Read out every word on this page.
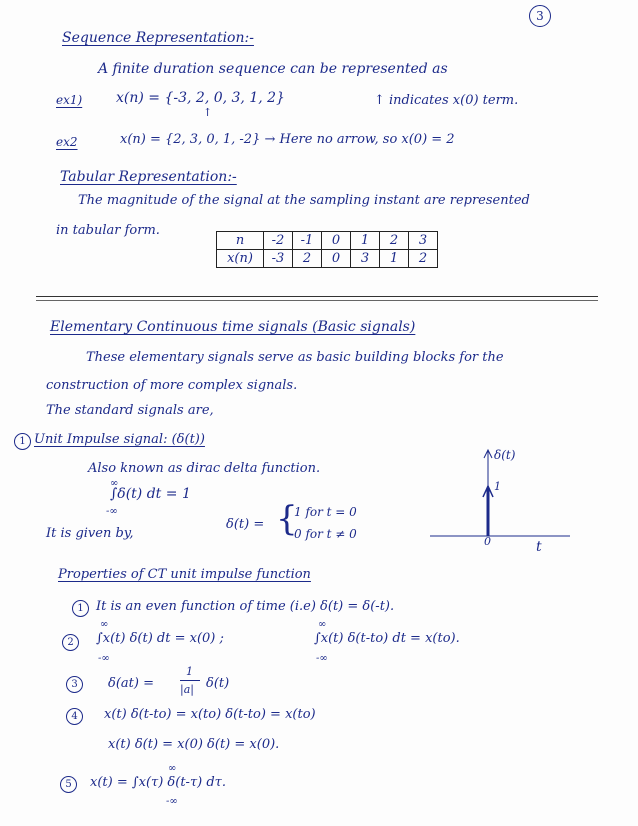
3
Sequence Representation:-
A finite duration sequence can be represented as
ex1) x(n) = {-3, 2, 0, 3, 1, 2}
↑
↑ indicates x(0) term.
ex2	x(n) = {2, 3, 0, 1, -2} → Here no arrow, so x(0) = 2
Tabular Representation:-
The magnitude of the signal at the sampling instant are represented
in tabular form.
n	-2	-1	0	1	2	3
x(n)	-3	2	0	3	1	2
Elementary Continuous time signals (Basic signals)
These elementary signals serve as basic building blocks for the
construction of more complex signals.
The standard signals are,
1 Unit Impulse signal: (δ(t))
Also known as dirac delta function.
∞
∫δ(t) dt = 1
-∞
It is given by,
δ(t) = {
1 for t = 0
0 for t ≠ 0
δ(t)
1
0	t
Properties of CT unit impulse function
1 It is an even function of time (i.e) δ(t) = δ(-t).
2
∞
∫x(t) δ(t) dt = x(0) ;
-∞
∞
∫x(t) δ(t-to) dt = x(to).
-∞
3	δ(at) =
1
|a| δ(t)
4	x(t) δ(t-to) = x(to) δ(t-to) = x(to)
x(t) δ(t) = x(0) δ(t) = x(0).
5
∞
x(t) = ∫x(τ) δ(t-τ) dτ.
-∞
